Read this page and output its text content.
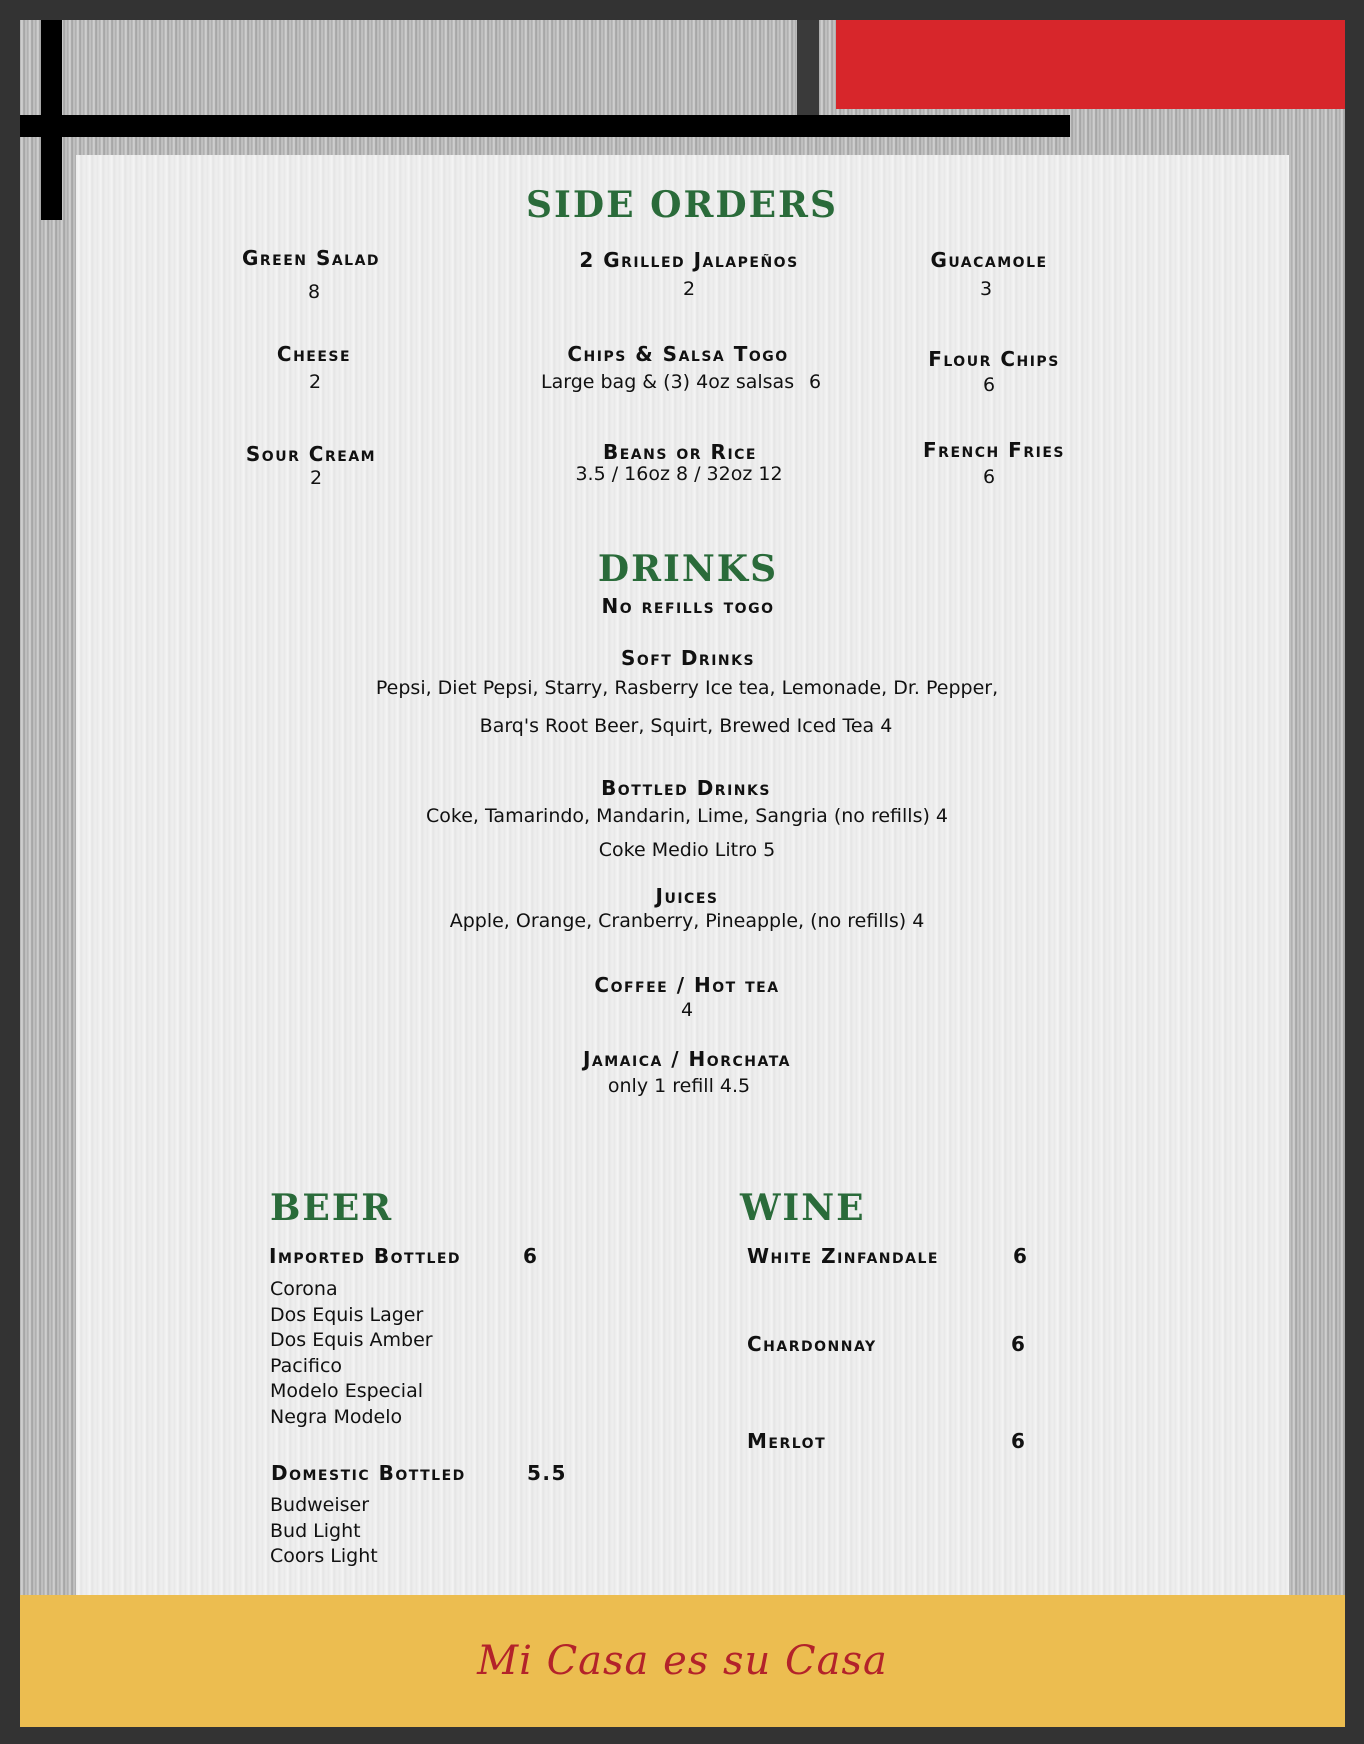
SIDE ORDERS
Green Salad
8
2 Grilled Jalapeños
2
Guacamole
3
Cheese
2
Chips & Salsa Togo
Large bag & (3) 4oz salsas 6
Flour Chips
6
Sour Cream
2
Beans or Rice
3.5 / 16oz 8 / 32oz 12
French Fries
6
DRINKS
No refills togo
Soft Drinks
Pepsi, Diet Pepsi, Starry, Rasberry Ice tea, Lemonade, Dr. Pepper,
Barq's Root Beer, Squirt, Brewed Iced Tea 4
Bottled Drinks
Coke, Tamarindo, Mandarin, Lime, Sangria (no refills) 4
Coke Medio Litro 5
Juices
Apple, Orange, Cranberry, Pineapple, (no refills) 4
Coffee / Hot tea
4
Jamaica / Horchata
only 1 refill 4.5
BEER
Imported Bottled	6
Corona
Dos Equis Lager
Dos Equis Amber
Pacifico
Modelo Especial
Negra Modelo
Domestic Bottled	5.5
Budweiser
Bud Light
Coors Light
WINE
White Zinfandale	6
Chardonnay	6
Merlot	6
Mi Casa es su Casa
